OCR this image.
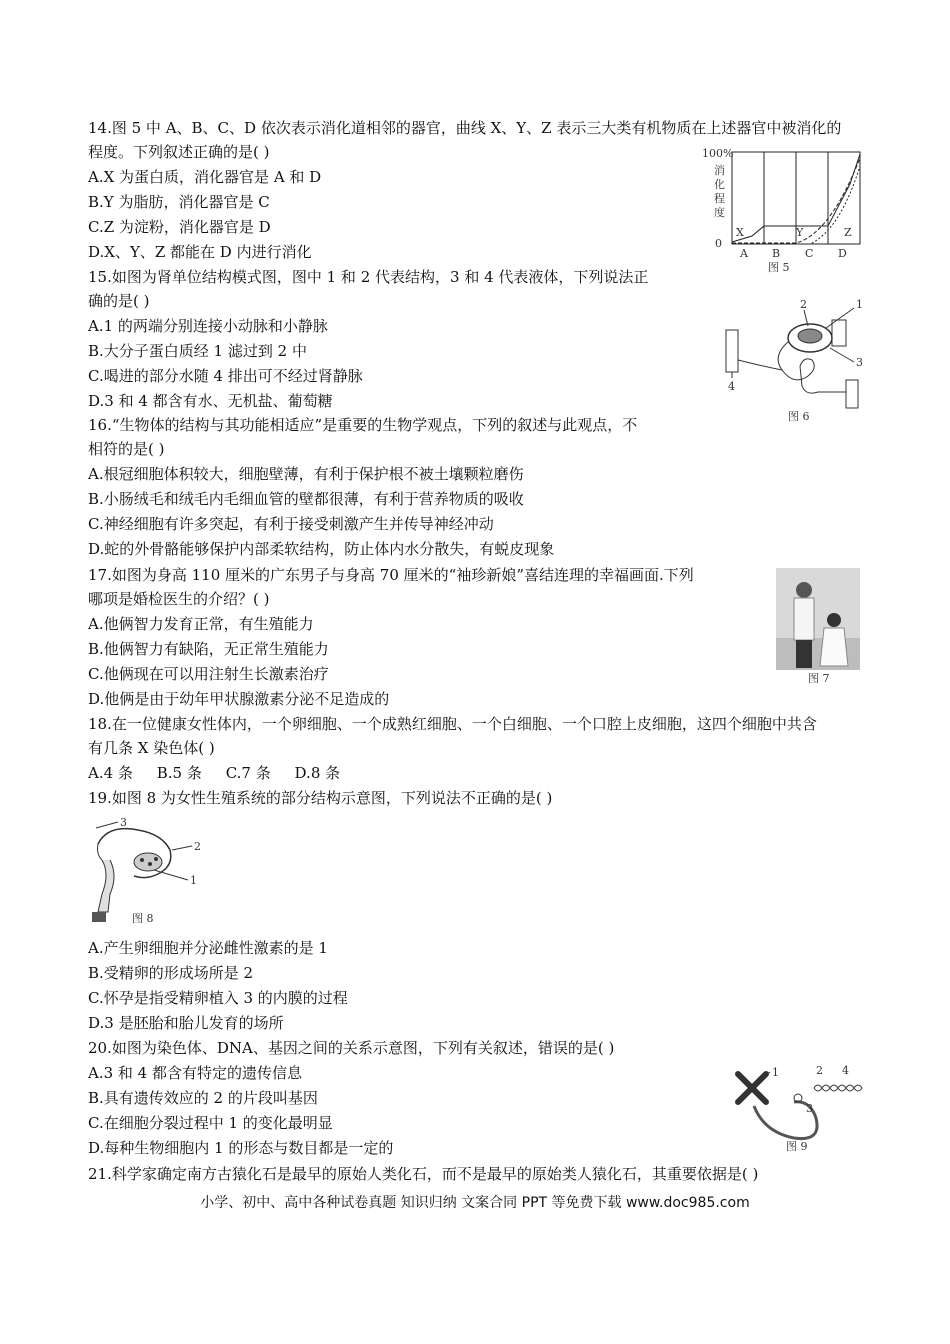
14.图 5 中 A、B、C、D 依次表示消化道相邻的器官，曲线 X、Y、Z 表示三大类有机物质在上述器官中被消化的
程度。下列叙述正确的是( )
A.X 为蛋白质，消化器官是 A 和 D
B.Y 为脂肪，消化器官是 C
C.Z 为淀粉，消化器官是 D
D.X、Y、Z 都能在 D 内进行消化
100%
0
消
化
程
度
X	Y	Z
A B C D
图 5
15.如图为肾单位结构模式图，图中 1 和 2 代表结构，3 和 4 代表液体，下列说法正
确的是( )
A.1 的两端分别连接小动脉和小静脉
B.大分子蛋白质经 1 滤过到 2 中
C.喝进的部分水随 4 排出可不经过肾静脉
D.3 和 4 都含有水、无机盐、葡萄糖
2	1
3
4
图 6
16.“生物体的结构与其功能相适应”是重要的生物学观点，下列的叙述与此观点，不
相符的是( )
A.根冠细胞体积较大，细胞壁薄，有利于保护根不被土壤颗粒磨伤
B.小肠绒毛和绒毛内毛细血管的壁都很薄，有利于营养物质的吸收
C.神经细胞有许多突起，有利于接受刺激产生并传导神经冲动
D.蛇的外骨骼能够保护内部柔软结构，防止体内水分散失，有蜕皮现象
17.如图为身高 110 厘米的广东男子与身高 70 厘米的“袖珍新娘”喜结连理的幸福画面.下列
哪项是婚检医生的介绍？( )
A.他俩智力发育正常，有生殖能力
B.他俩智力有缺陷，无正常生殖能力
C.他俩现在可以用注射生长激素治疗
D.他俩是由于幼年甲状腺激素分泌不足造成的
图 7
18.在一位健康女性体内，一个卵细胞、一个成熟红细胞、一个白细胞、一个口腔上皮细胞，这四个细胞中共含
有几条 X 染色体( )
A.4 条     B.5 条     C.7 条     D.8 条
19.如图 8 为女性生殖系统的部分结构示意图，下列说法不正确的是( )
3
2
1
图 8
A.产生卵细胞并分泌雌性激素的是 1
B.受精卵的形成场所是 2
C.怀孕是指受精卵植入 3 的内膜的过程
D.3 是胚胎和胎儿发育的场所
20.如图为染色体、DNA、基因之间的关系示意图，下列有关叙述，错误的是( )
A.3 和 4 都含有特定的遗传信息
B.具有遗传效应的 2 的片段叫基因
C.在细胞分裂过程中 1 的变化最明显
D.每种生物细胞内 1 的形态与数目都是一定的
1	2 4
3
图 9
21.科学家确定南方古猿化石是最早的原始人类化石，而不是最早的原始类人猿化石，其重要依据是( )
小学、初中、高中各种试卷真题 知识归纳 文案合同 PPT 等免费下载 www.doc985.com
